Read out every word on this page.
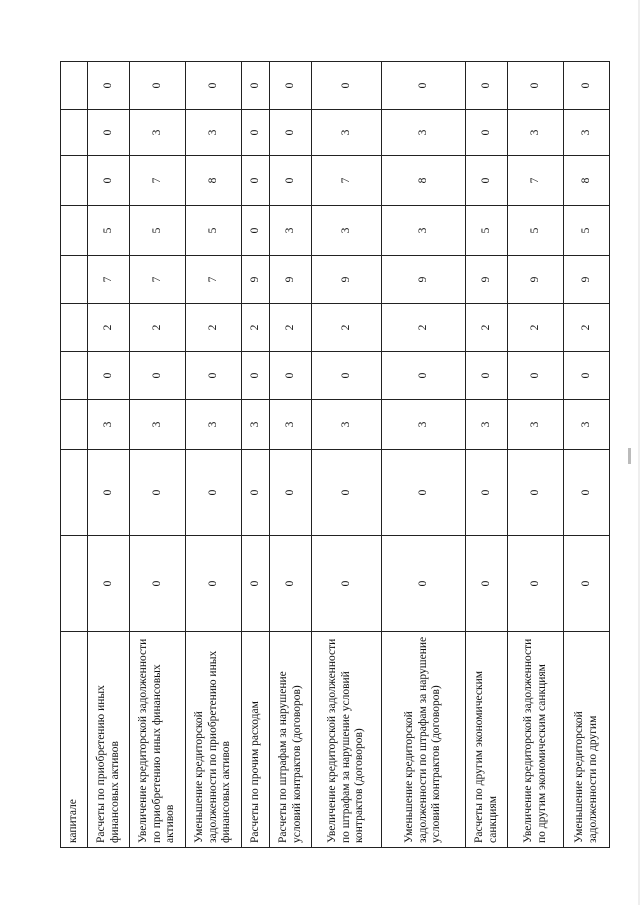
капитале										
Расчеты по приобретению иных финансовых активов	0	0	3	0	2	7	5	0	0	0
Увеличение кредиторской задолженности по приобретению иных финансовых активов	0	0	3	0	2	7	5	7	3	0
Уменьшение кредиторской задолженности по приобретению иных финансовых активов	0	0	3	0	2	7	5	8	3	0
Расчеты по прочим расходам	0	0	3	0	2	9	0	0	0	0
Расчеты по штрафам за нарушение условий контрактов (договоров)	0	0	3	0	2	9	3	0	0	0
Увеличение кредиторской задолженности по штрафам за нарушение условий контрактов (договоров)	0	0	3	0	2	9	3	7	3	0
Уменьшение кредиторской задолженности по штрафам за нарушение условий контрактов (договоров)	0	0	3	0	2	9	3	8	3	0
Расчеты по другим экономическим санкциям	0	0	3	0	2	9	5	0	0	0
Увеличение кредиторской задолженности по другим экономическим санкциям	0	0	3	0	2	9	5	7	3	0
Уменьшение кредиторской задолженности по другим	0	0	3	0	2	9	5	8	3	0
